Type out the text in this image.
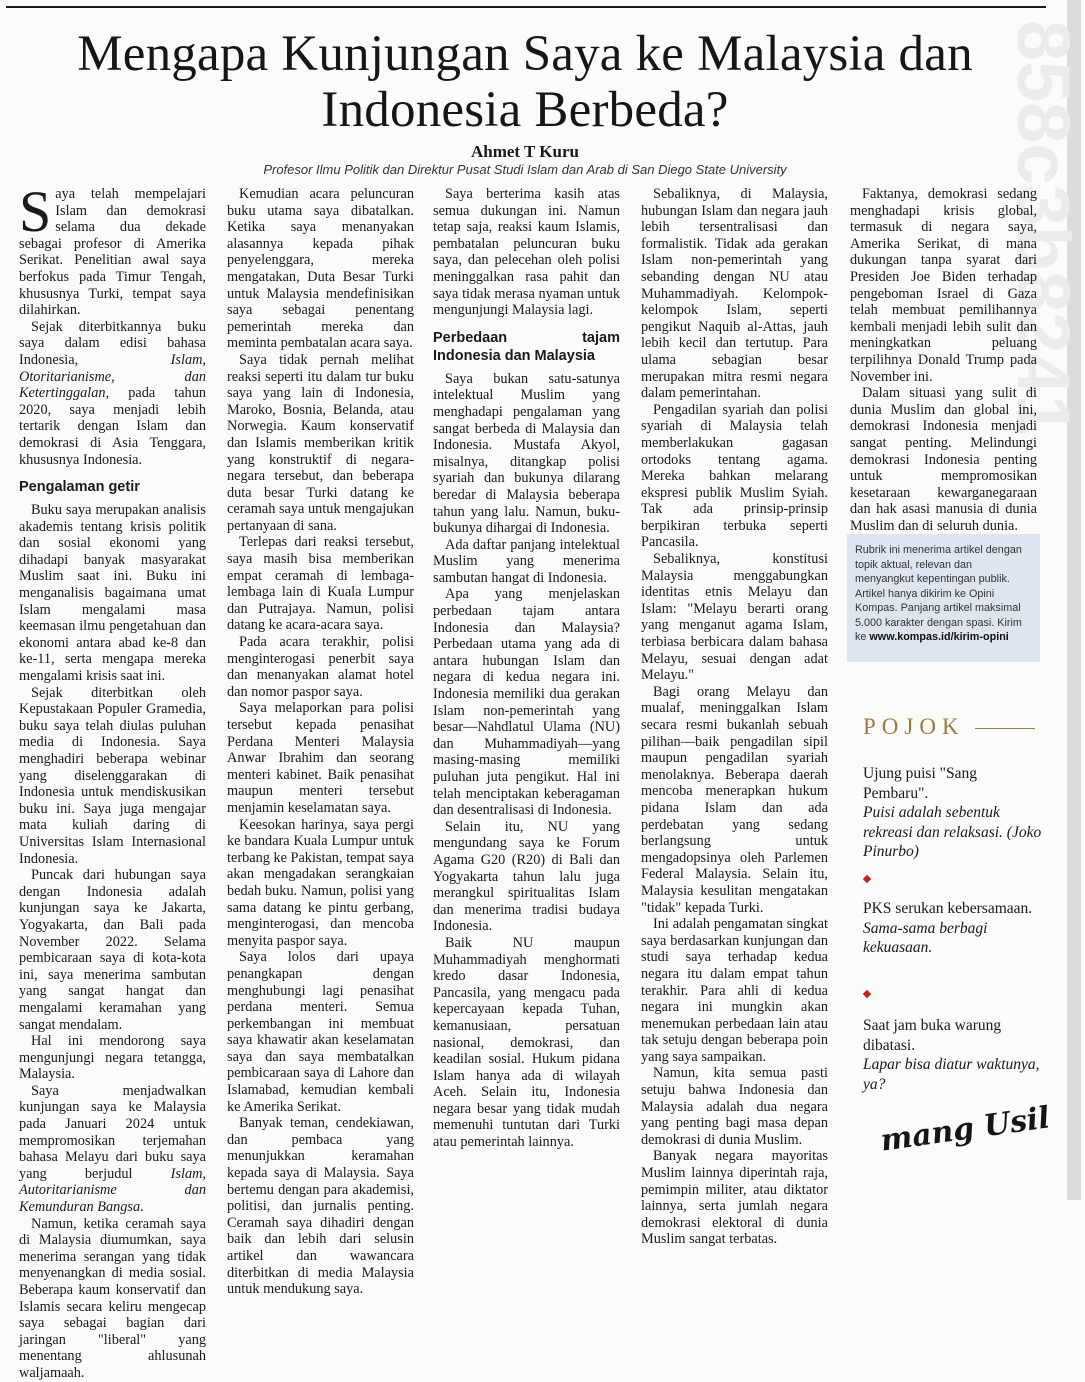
858c3b8241
Mengapa Kunjungan Saya ke Malaysia dan Indonesia Berbeda?
Ahmet T Kuru
Profesor Ilmu Politik dan Direktur Pusat Studi Islam dan Arab di San Diego State University

Saya telah mempelajari Islam dan demokrasi selama dua dekade sebagai profesor di Amerika Serikat. Penelitian awal saya berfokus pada Timur Tengah, khususnya Turki, tempat saya dilahirkan.

Sejak diterbitkannya buku saya dalam edisi bahasa Indonesia, Islam, Otoritarianisme, dan Ketertinggalan, pada tahun 2020, saya menjadi lebih tertarik dengan Islam dan demokrasi di Asia Tenggara, khususnya Indonesia.

Pengalaman getir

Buku saya merupakan analisis akademis tentang krisis politik dan sosial ekonomi yang dihadapi banyak masyarakat Muslim saat ini. Buku ini menganalisis bagaimana umat Islam mengalami masa keemasan ilmu pengetahuan dan ekonomi antara abad ke-8 dan ke-11, serta mengapa mereka mengalami krisis saat ini.

Sejak diterbitkan oleh Kepustakaan Populer Gramedia, buku saya telah diulas puluhan media di Indonesia. Saya menghadiri beberapa webinar yang diselenggarakan di Indonesia untuk mendiskusikan buku ini. Saya juga mengajar mata kuliah daring di Universitas Islam Internasional Indonesia.

Puncak dari hubungan saya dengan Indonesia adalah kunjungan saya ke Jakarta, Yogyakarta, dan Bali pada November 2022. Selama pembicaraan saya di kota-kota ini, saya menerima sambutan yang sangat hangat dan mengalami keramahan yang sangat mendalam.

Hal ini mendorong saya mengunjungi negara tetangga, Malaysia.

Saya menjadwalkan kunjungan saya ke Malaysia pada Januari 2024 untuk mempromosikan terjemahan bahasa Melayu dari buku saya yang berjudul Islam, Autoritarianisme dan Kemunduran Bangsa.

Namun, ketika ceramah saya di Malaysia diumumkan, saya menerima serangan yang tidak menyenangkan di media sosial. Beberapa kaum konservatif dan Islamis secara keliru mengecap saya sebagai bagian dari jaringan "liberal" yang menentang ahlusunah waljamaah.

Kemudian acara peluncuran buku utama saya dibatalkan. Ketika saya menanyakan alasannya kepada pihak penyelenggara, mereka mengatakan, Duta Besar Turki untuk Malaysia mendefinisikan saya sebagai penentang pemerintah mereka dan meminta pembatalan acara saya.

Saya tidak pernah melihat reaksi seperti itu dalam tur buku saya yang lain di Indonesia, Maroko, Bosnia, Belanda, atau Norwegia. Kaum konservatif dan Islamis memberikan kritik yang konstruktif di negara-negara tersebut, dan beberapa duta besar Turki datang ke ceramah saya untuk mengajukan pertanyaan di sana.

Terlepas dari reaksi tersebut, saya masih bisa memberikan empat ceramah di lembaga-lembaga lain di Kuala Lumpur dan Putrajaya. Namun, polisi datang ke acara-acara saya.

Pada acara terakhir, polisi menginterogasi penerbit saya dan menanyakan alamat hotel dan nomor paspor saya.

Saya melaporkan para polisi tersebut kepada penasihat Perdana Menteri Malaysia Anwar Ibrahim dan seorang menteri kabinet. Baik penasihat maupun menteri tersebut menjamin keselamatan saya.

Keesokan harinya, saya pergi ke bandara Kuala Lumpur untuk terbang ke Pakistan, tempat saya akan mengadakan serangkaian bedah buku. Namun, polisi yang sama datang ke pintu gerbang, menginterogasi, dan mencoba menyita paspor saya.

Saya lolos dari upaya penangkapan dengan menghubungi lagi penasihat perdana menteri. Semua perkembangan ini membuat saya khawatir akan keselamatan saya dan saya membatalkan pembicaraan saya di Lahore dan Islamabad, kemudian kembali ke Amerika Serikat.

Banyak teman, cendekiawan, dan pembaca yang menunjukkan keramahan kepada saya di Malaysia. Saya bertemu dengan para akademisi, politisi, dan jurnalis penting. Ceramah saya dihadiri dengan baik dan lebih dari selusin artikel dan wawancara diterbitkan di media Malaysia untuk mendukung saya.

Saya berterima kasih atas semua dukungan ini. Namun tetap saja, reaksi kaum Islamis, pembatalan peluncuran buku saya, dan pelecehan oleh polisi meninggalkan rasa pahit dan saya tidak merasa nyaman untuk mengunjungi Malaysia lagi.

Perbedaan tajam Indonesia dan Malaysia

Saya bukan satu-satunya intelektual Muslim yang menghadapi pengalaman yang sangat berbeda di Malaysia dan Indonesia. Mustafa Akyol, misalnya, ditangkap polisi syariah dan bukunya dilarang beredar di Malaysia beberapa tahun yang lalu. Namun, buku-bukunya dihargai di Indonesia.

Ada daftar panjang intelektual Muslim yang menerima sambutan hangat di Indonesia.

Apa yang menjelaskan perbedaan tajam antara Indonesia dan Malaysia? Perbedaan utama yang ada di antara hubungan Islam dan negara di kedua negara ini. Indonesia memiliki dua gerakan Islam non-pemerintah yang besar—Nahdlatul Ulama (NU) dan Muhammadiyah—yang masing-masing memiliki puluhan juta pengikut. Hal ini telah menciptakan keberagaman dan desentralisasi di Indonesia.

Selain itu, NU yang mengundang saya ke Forum Agama G20 (R20) di Bali dan Yogyakarta tahun lalu juga merangkul spiritualitas Islam dan menerima tradisi budaya Indonesia.

Baik NU maupun Muhammadiyah menghormati kredo dasar Indonesia, Pancasila, yang mengacu pada kepercayaan kepada Tuhan, kemanusiaan, persatuan nasional, demokrasi, dan keadilan sosial. Hukum pidana Islam hanya ada di wilayah Aceh. Selain itu, Indonesia negara besar yang tidak mudah memenuhi tuntutan dari Turki atau pemerintah lainnya.

Sebaliknya, di Malaysia, hubungan Islam dan negara jauh lebih tersentralisasi dan formalistik. Tidak ada gerakan Islam non-pemerintah yang sebanding dengan NU atau Muhammadiyah. Kelompok-kelompok Islam, seperti pengikut Naquib al-Attas, jauh lebih kecil dan tertutup. Para ulama sebagian besar merupakan mitra resmi negara dalam pemerintahan.

Pengadilan syariah dan polisi syariah di Malaysia telah memberlakukan gagasan ortodoks tentang agama. Mereka bahkan melarang ekspresi publik Muslim Syiah. Tak ada prinsip-prinsip berpikiran terbuka seperti Pancasila.

Sebaliknya, konstitusi Malaysia menggabungkan identitas etnis Melayu dan Islam: "Melayu berarti orang yang menganut agama Islam, terbiasa berbicara dalam bahasa Melayu, sesuai dengan adat Melayu."

Bagi orang Melayu dan mualaf, meninggalkan Islam secara resmi bukanlah sebuah pilihan—baik pengadilan sipil maupun pengadilan syariah menolaknya. Beberapa daerah mencoba menerapkan hukum pidana Islam dan ada perdebatan yang sedang berlangsung untuk mengadopsinya oleh Parlemen Federal Malaysia. Selain itu, Malaysia kesulitan mengatakan "tidak" kepada Turki.

Ini adalah pengamatan singkat saya berdasarkan kunjungan dan studi saya terhadap kedua negara itu dalam empat tahun terakhir. Para ahli di kedua negara ini mungkin akan menemukan perbedaan lain atau tak setuju dengan beberapa poin yang saya sampaikan.

Namun, kita semua pasti setuju bahwa Indonesia dan Malaysia adalah dua negara yang penting bagi masa depan demokrasi di dunia Muslim.

Banyak negara mayoritas Muslim lainnya diperintah raja, pemimpin militer, atau diktator lainnya, serta jumlah negara demokrasi elektoral di dunia Muslim sangat terbatas.

Faktanya, demokrasi sedang menghadapi krisis global, termasuk di negara saya, Amerika Serikat, di mana dukungan tanpa syarat dari Presiden Joe Biden terhadap pengeboman Israel di Gaza telah membuat pemilihannya kembali menjadi lebih sulit dan meningkatkan peluang terpilihnya Donald Trump pada November ini.

Dalam situasi yang sulit di dunia Muslim dan global ini, demokrasi Indonesia menjadi sangat penting. Melindungi demokrasi Indonesia penting untuk mempromosikan kesetaraan kewarganegaraan dan hak asasi manusia di dunia Muslim dan di seluruh dunia.

Rubrik ini menerima artikel dengan topik aktual, relevan dan menyangkut kepentingan publik. Artikel hanya dikirim ke Opini Kompas. Panjang artikel maksimal 5.000 karakter dengan spasi. Kirim ke www.kompas.id/kirim-opini
POJOK
Ujung puisi "Sang Pembaru".
Puisi adalah sebentuk rekreasi dan relaksasi. (Joko Pinurbo)
PKS serukan kebersamaan.
Sama-sama berbagi kekuasaan.
Saat jam buka warung dibatasi.
Lapar bisa diatur waktunya, ya?
mang Usil
